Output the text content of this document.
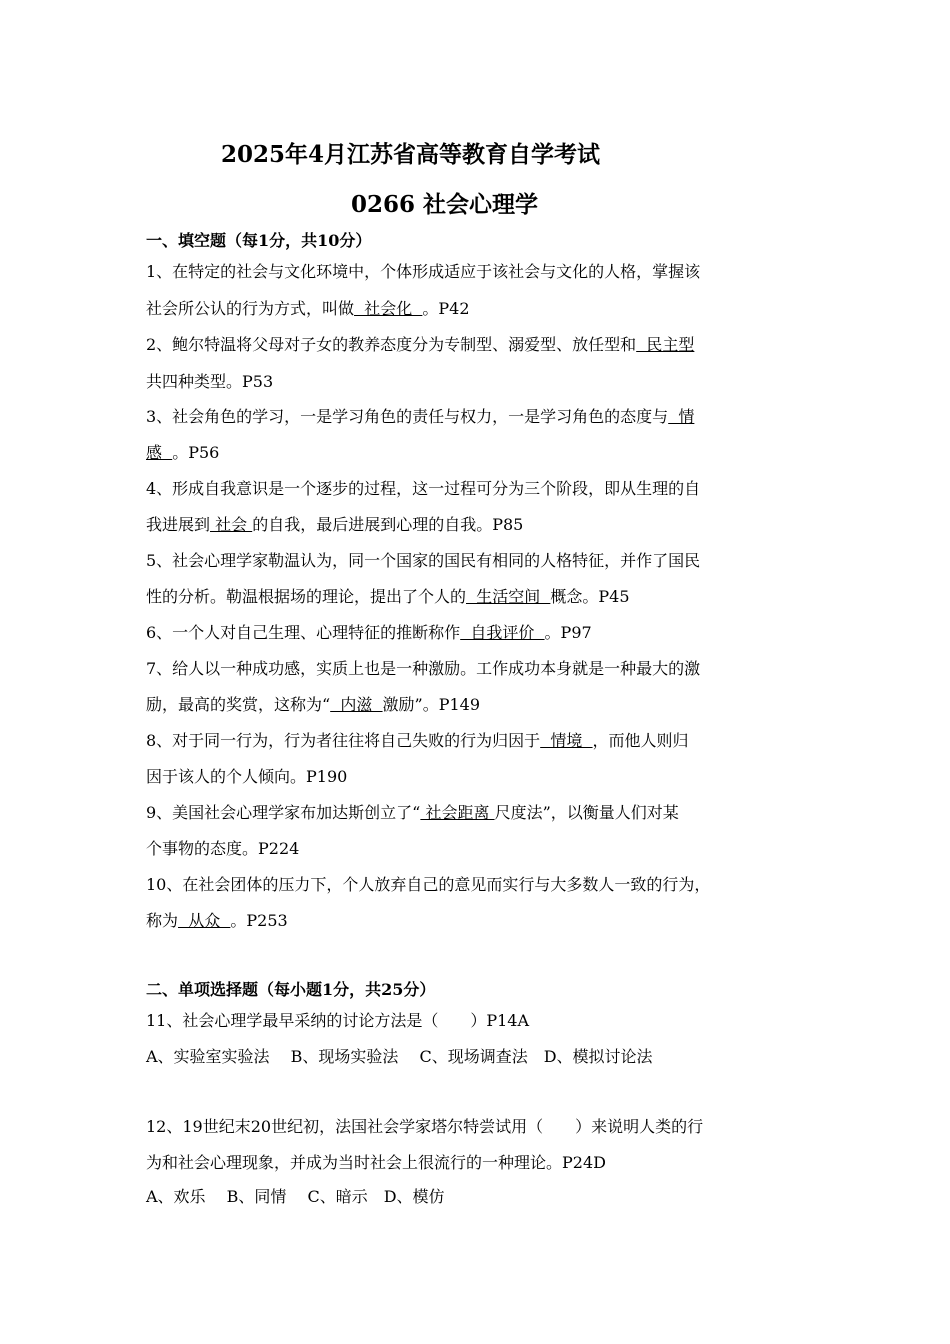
2025年4月江苏省高等教育自学考试
0266 社会心理学
一、填空题（每1分，共10分）
1、在特定的社会与文化环境中，个体形成适应于该社会与文化的人格，掌握该
社会所公认的行为方式，叫做  社会化  。P42
2、鲍尔特温将父母对子女的教养态度分为专制型、溺爱型、放任型和  民主型
共四种类型。P53
3、社会角色的学习，一是学习角色的责任与权力，一是学习角色的态度与  情
感  。P56
4、形成自我意识是一个逐步的过程，这一过程可分为三个阶段，即从生理的自
我进展到 社会 的自我，最后进展到心理的自我。P85
5、社会心理学家勒温认为，同一个国家的国民有相同的人格特征，并作了国民
性的分析。勒温根据场的理论，提出了个人的  生活空间  概念。P45
6、一个人对自己生理、心理特征的推断称作  自我评价  。P97
7、给人以一种成功感，实质上也是一种激励。工作成功本身就是一种最大的激
励，最高的奖赏，这称为“  内滋  激励”。P149
8、对于同一行为，行为者往往将自己失败的行为归因于  情境  ，而他人则归
因于该人的个人倾向。P190
9、美国社会心理学家布加达斯创立了“ 社会距离 尺度法”，以衡量人们对某
个事物的态度。P224
10、在社会团体的压力下，个人放弃自己的意见而实行与大多数人一致的行为，
称为  从众  。P253
二、单项选择题（每小题1分，共25分）
11、社会心理学最早采纳的讨论方法是（　　）P14A
A、实验室实验法　 B、现场实验法　 C、现场调查法　D、模拟讨论法
12、19世纪末20世纪初，法国社会学家塔尔特尝试用（　　）来说明人类的行
为和社会心理现象，并成为当时社会上很流行的一种理论。P24D
A、欢乐　 B、同情　 C、暗示　D、模仿
